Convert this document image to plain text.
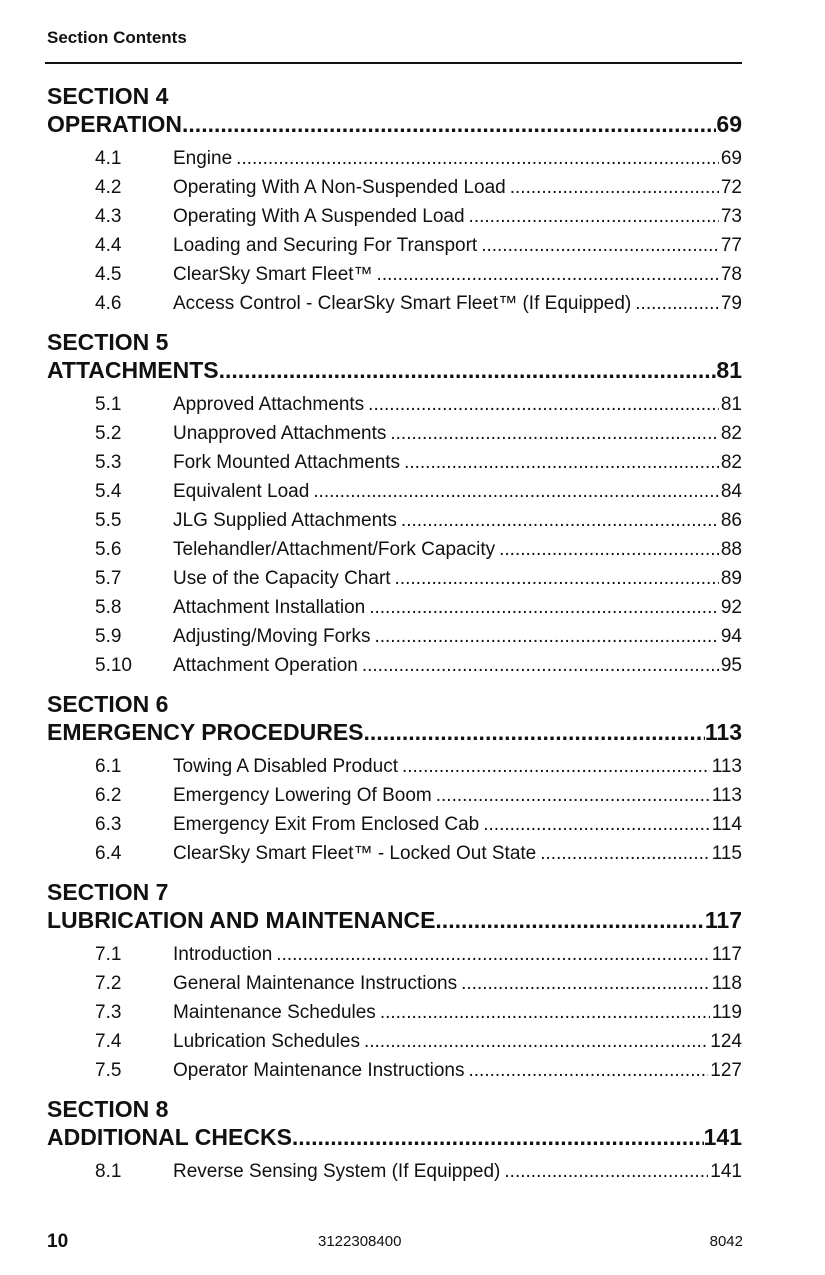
Section Contents
SECTION 4
OPERATION .....	69
4.1	Engine .....	69
4.2	Operating With A Non-Suspended Load .....	72
4.3	Operating With A Suspended Load .....	73
4.4	Loading and Securing For Transport .....	77
4.5	ClearSky Smart Fleet™ .....	78
4.6	Access Control - ClearSky Smart Fleet™ (If Equipped) .....	79
SECTION 5
ATTACHMENTS .....	81
5.1	Approved Attachments .....	81
5.2	Unapproved Attachments .....	82
5.3	Fork Mounted Attachments .....	82
5.4	Equivalent Load .....	84
5.5	JLG Supplied Attachments .....	86
5.6	Telehandler/Attachment/Fork Capacity .....	88
5.7	Use of the Capacity Chart .....	89
5.8	Attachment Installation .....	92
5.9	Adjusting/Moving Forks .....	94
5.10	Attachment Operation .....	95
SECTION 6
EMERGENCY PROCEDURES .....	113
6.1	Towing A Disabled Product .....	113
6.2	Emergency Lowering Of Boom .....	113
6.3	Emergency Exit From Enclosed Cab .....	114
6.4	ClearSky Smart Fleet™ - Locked Out State .....	115
SECTION 7
LUBRICATION AND MAINTENANCE .....	117
7.1	Introduction .....	117
7.2	General Maintenance Instructions .....	118
7.3	Maintenance Schedules .....	119
7.4	Lubrication Schedules .....	124
7.5	Operator Maintenance Instructions .....	127
SECTION 8
ADDITIONAL CHECKS .....	141
8.1	Reverse Sensing System (If Equipped) .....	141
10	3122308400	8042
